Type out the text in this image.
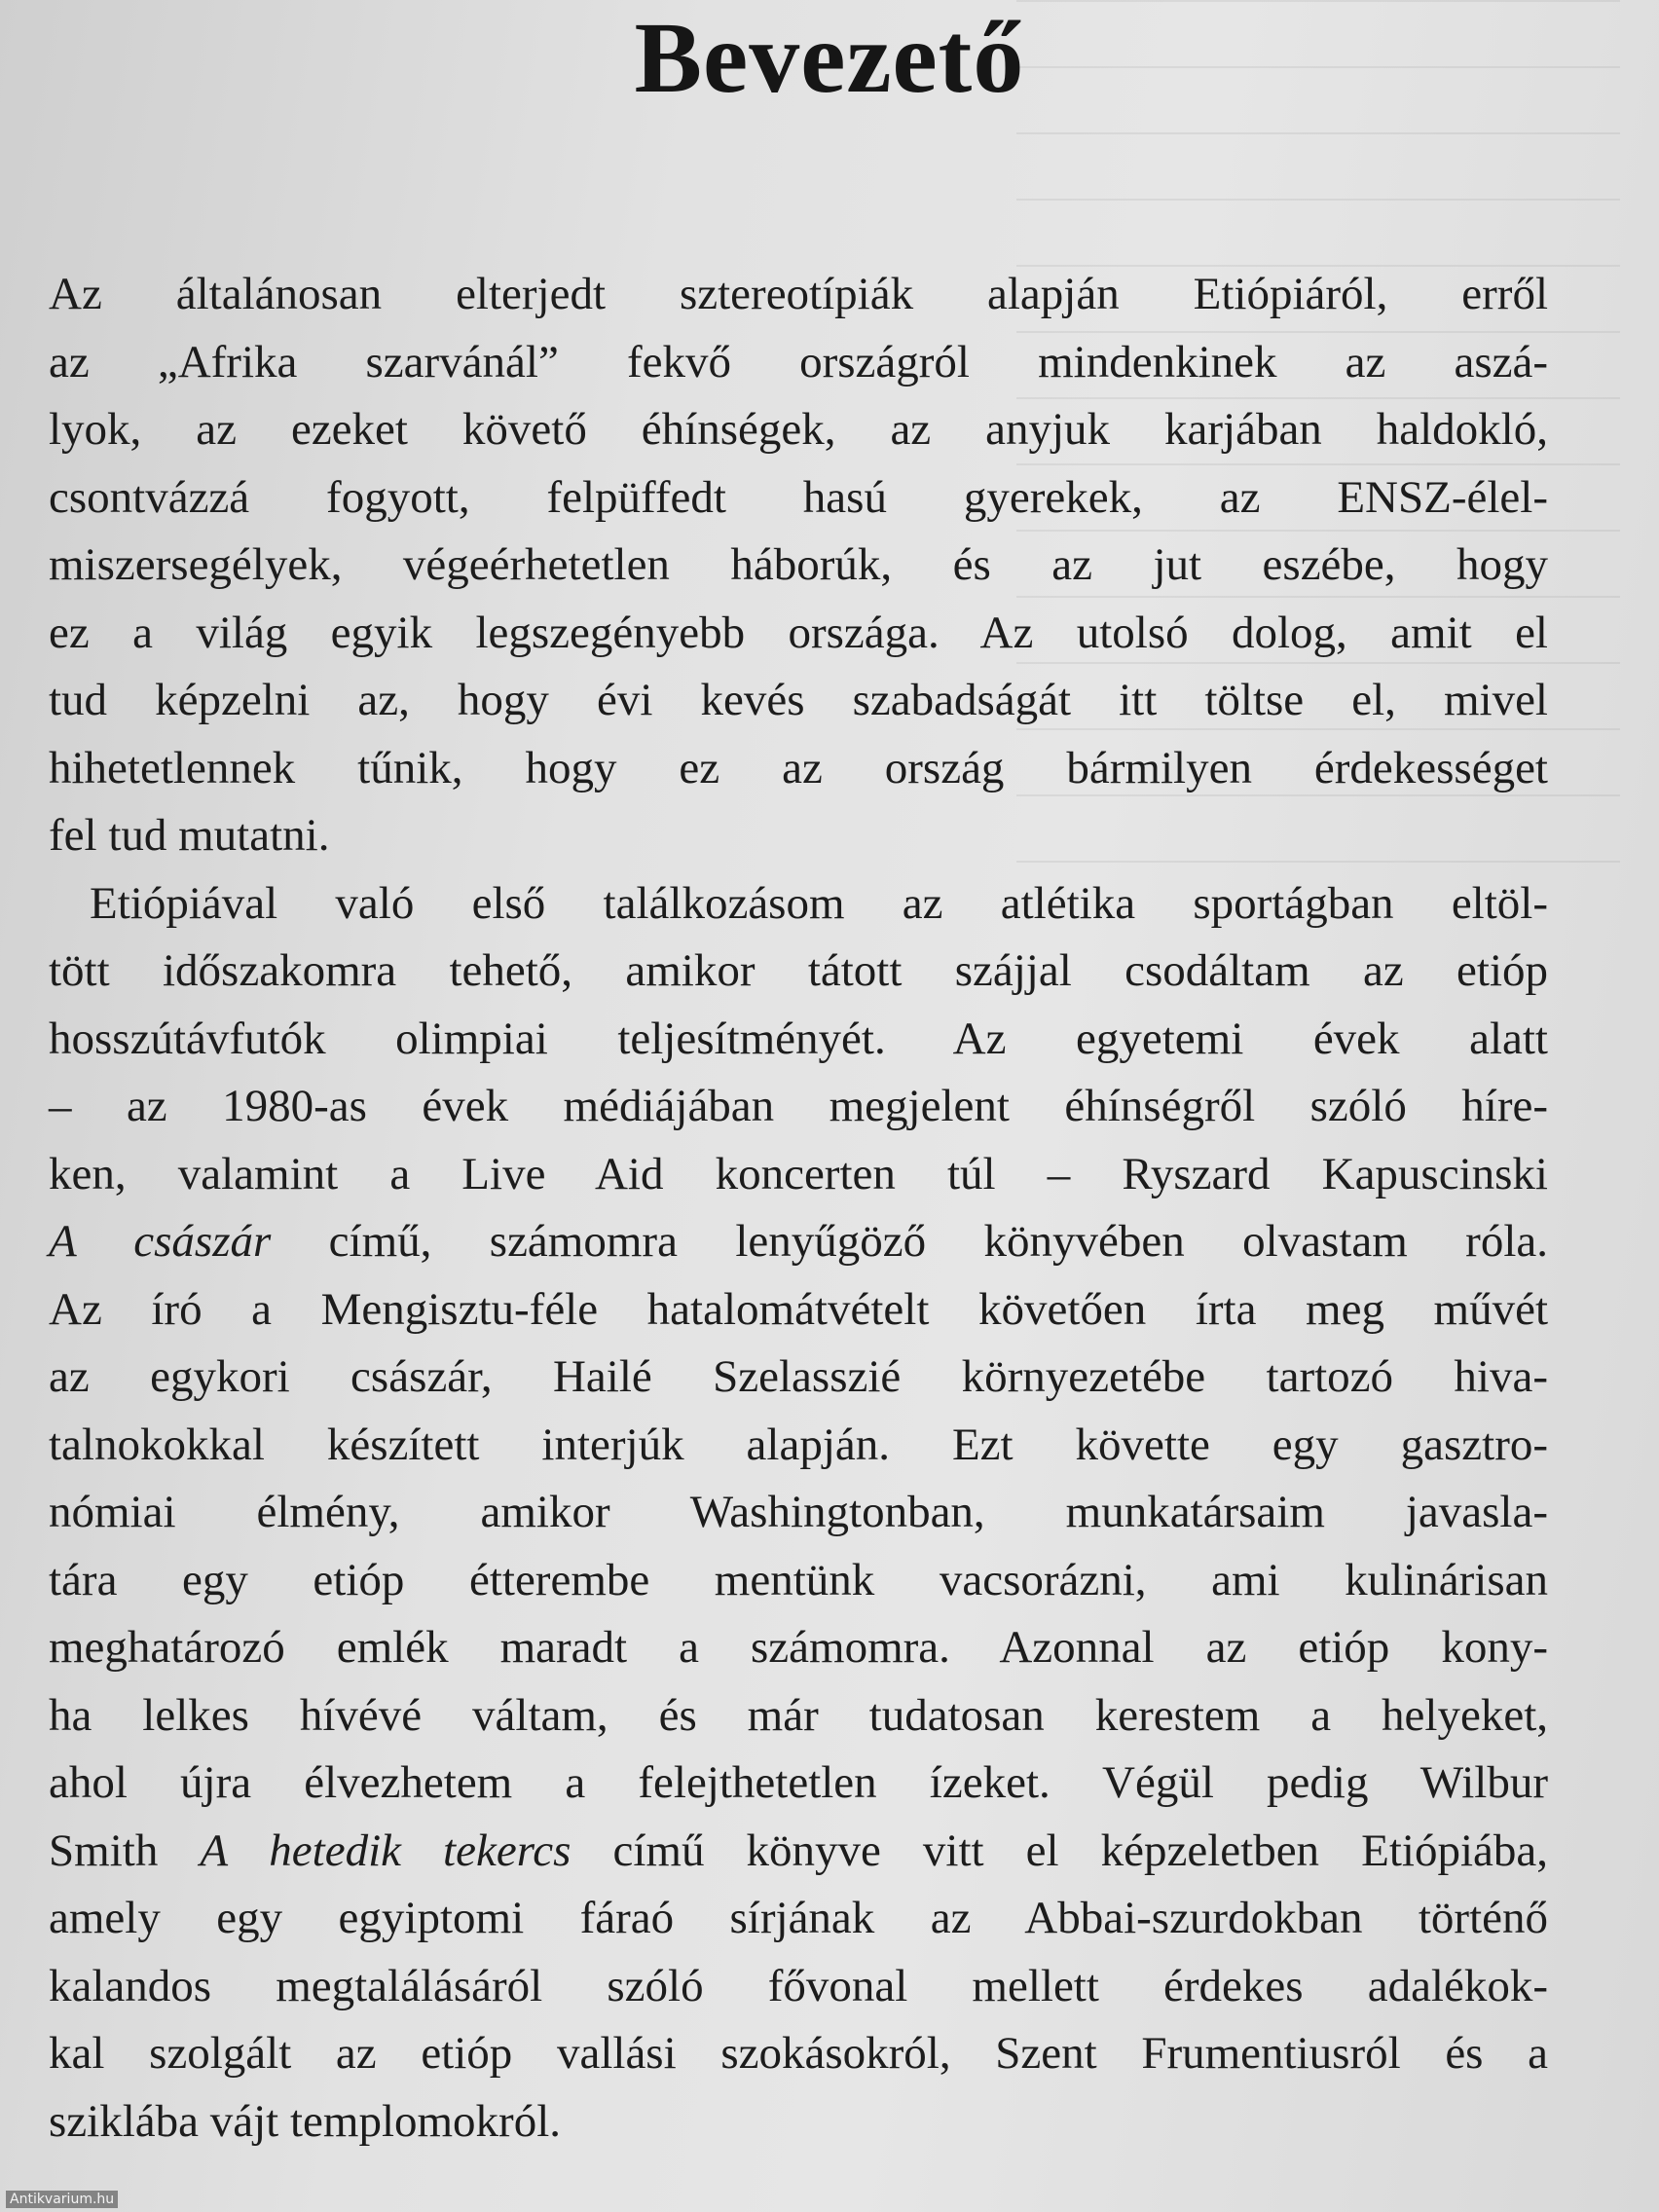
Bevezető
Az általánosan elterjedt sztereotípiák alapján Etiópiáról, erről
az „Afrika szarvánál” fekvő országról mindenkinek az aszá-
lyok, az ezeket követő éhínségek, az anyjuk karjában haldokló,
csontvázzá fogyott, felpüffedt hasú gyerekek, az ENSZ-élel-
miszersegélyek, végeérhetetlen háborúk, és az jut eszébe, hogy
ez a világ egyik legszegényebb országa. Az utolsó dolog, amit el
tud képzelni az, hogy évi kevés szabadságát itt töltse el, mivel
hihetetlennek tűnik, hogy ez az ország bármilyen érdekességet
fel tud mutatni.
Etiópiával való első találkozásom az atlétika sportágban eltöl-
tött időszakomra tehető, amikor tátott szájjal csodáltam az etióp
hosszútávfutók olimpiai teljesítményét. Az egyetemi évek alatt
– az 1980-as évek médiájában megjelent éhínségről szóló híre-
ken, valamint a Live Aid koncerten túl – Ryszard Kapuscinski
A császár című, számomra lenyűgöző könyvében olvastam róla.
Az író a Mengisztu-féle hatalomátvételt követően írta meg művét
az egykori császár, Hailé Szelasszié környezetébe tartozó hiva-
talnokokkal készített interjúk alapján. Ezt követte egy gasztro-
nómiai élmény, amikor Washingtonban, munkatársaim javasla-
tára egy etióp étterembe mentünk vacsorázni, ami kulinárisan
meghatározó emlék maradt a számomra. Azonnal az etióp kony-
ha lelkes hívévé váltam, és már tudatosan kerestem a helyeket,
ahol újra élvezhetem a felejthetetlen ízeket. Végül pedig Wilbur
Smith A hetedik tekercs című könyve vitt el képzeletben Etiópiába,
amely egy egyiptomi fáraó sírjának az Abbai-szurdokban történő
kalandos megtalálásáról szóló fővonal mellett érdekes adalékok-
kal szolgált az etióp vallási szokásokról, Szent Frumentiusról és a
sziklába vájt templomokról.
Antikvarium.hu
